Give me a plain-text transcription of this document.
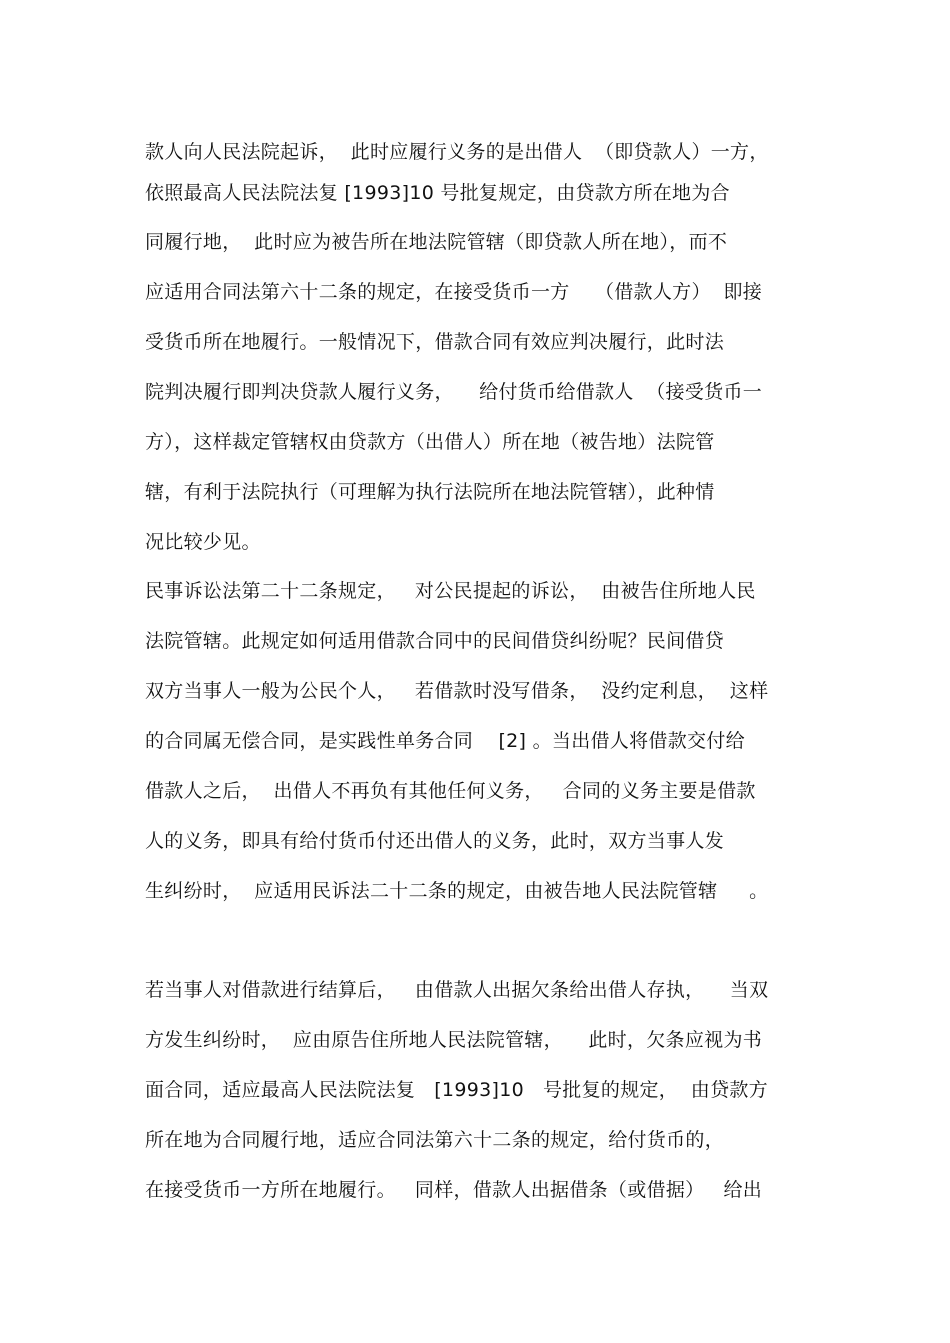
款人向人民法院起诉，  此时应履行义务的是出借人  （即贷款人）一方，
依照最高人民法院法复 [1993]10 号批复规定，由贷款方所在地为合
同履行地，  此时应为被告所在地法院管辖（即贷款人所在地），而不
应适用合同法第六十二条的规定，在接受货币一方    （借款人方）  即接
受货币所在地履行。一般情况下，借款合同有效应判决履行，此时法
院判决履行即判决贷款人履行义务，    给付货币给借款人  （接受货币一
方），这样裁定管辖权由贷款方（出借人）所在地（被告地）法院管
辖，有利于法院执行（可理解为执行法院所在地法院管辖），此种情
况比较少见。
民事诉讼法第二十二条规定，   对公民提起的诉讼，  由被告住所地人民
法院管辖。此规定如何适用借款合同中的民间借贷纠纷呢？民间借贷
双方当事人一般为公民个人，   若借款时没写借条，  没约定利息，  这样
的合同属无偿合同，是实践性单务合同    [2] 。当出借人将借款交付给
借款人之后，  出借人不再负有其他任何义务，   合同的义务主要是借款
人的义务，即具有给付货币付还出借人的义务，此时，双方当事人发
生纠纷时，  应适用民诉法二十二条的规定，由被告地人民法院管辖     。
若当事人对借款进行结算后，   由借款人出据欠条给出借人存执，    当双
方发生纠纷时，  应由原告住所地人民法院管辖，    此时，欠条应视为书
面合同，适应最高人民法院法复   [1993]10   号批复的规定，  由贷款方
所在地为合同履行地，适应合同法第六十二条的规定，给付货币的，
在接受货币一方所在地履行。   同样，借款人出据借条（或借据）   给出
